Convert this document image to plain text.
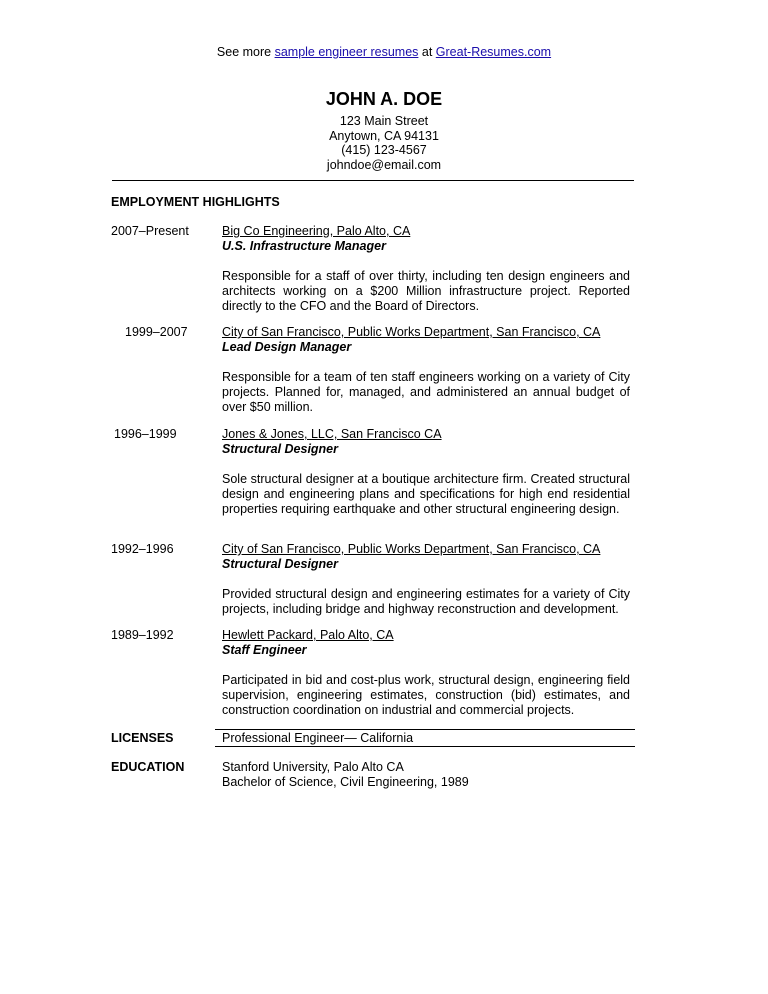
See more sample engineer resumes at Great-Resumes.com
JOHN A. DOE
123 Main Street
Anytown, CA 94131
(415) 123-4567
johndoe@email.com
EMPLOYMENT HIGHLIGHTS
2007–Present	Big Co Engineering, Palo Alto, CA
U.S. Infrastructure Manager
Responsible for a staff of over thirty, including ten design engineers and architects working on a $200 Million infrastructure project. Reported directly to the CFO and the Board of Directors.
1999–2007	City of San Francisco, Public Works Department, San Francisco, CA
Lead Design Manager
Responsible for a team of ten staff engineers working on a variety of City projects. Planned for, managed, and administered an annual budget of over $50 million.
1996–1999	Jones & Jones, LLC, San Francisco CA
Structural Designer
Sole structural designer at a boutique architecture firm. Created structural design and engineering plans and specifications for high end residential properties requiring earthquake and other structural engineering design.
1992–1996	City of San Francisco, Public Works Department, San Francisco, CA
Structural Designer
Provided structural design and engineering estimates for a variety of City projects, including bridge and highway reconstruction and development.
1989–1992	Hewlett Packard, Palo Alto, CA
Staff Engineer
Participated in bid and cost-plus work, structural design, engineering field supervision, engineering estimates, construction (bid) estimates, and construction coordination on industrial and commercial projects.
LICENSES	Professional Engineer— California
EDUCATION	Stanford University, Palo Alto CA
Bachelor of Science, Civil Engineering, 1989
